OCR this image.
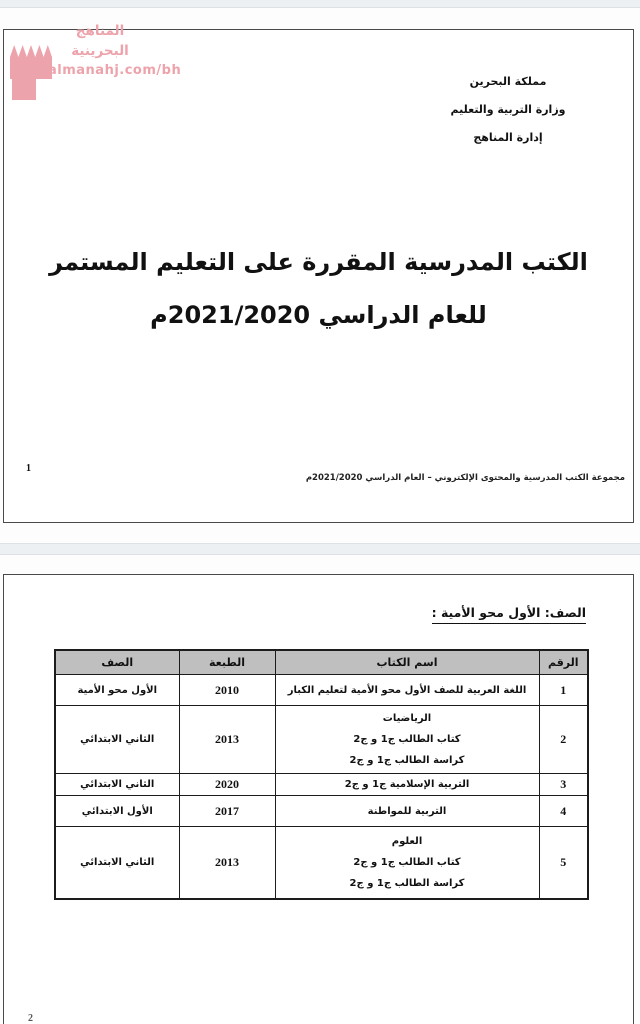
مملكة البحرين
وزارة التربية والتعليم
إدارة المناهج
الكتب المدرسية المقررة على التعليم المستمر
للعام الدراسي 2021/2020م
1
مجموعة الكتب المدرسية والمحتوى الإلكتروني – العام الدراسي 2021/2020م
المناهج
البحرينية
almanahj.com/bh
الصف: الأول محو الأمية :
الرقم	اسم الكتاب	الطبعة	الصف
1	اللغة العربية للصف الأول محو الأمية لتعليم الكبار	2010	الأول محو الأمية
2	الرياضيات
كتاب الطالب ج1 و ج2
كراسة الطالب ج1 و ج2	2013	الثاني الابتدائي
3	التربية الإسلامية ج1 و ج2	2020	الثاني الابتدائي
4	التربية للمواطنة	2017	الأول الابتدائي
5	العلوم
كتاب الطالب ج1 و ج2
كراسة الطالب ج1 و ج2	2013	الثاني الابتدائي
2
